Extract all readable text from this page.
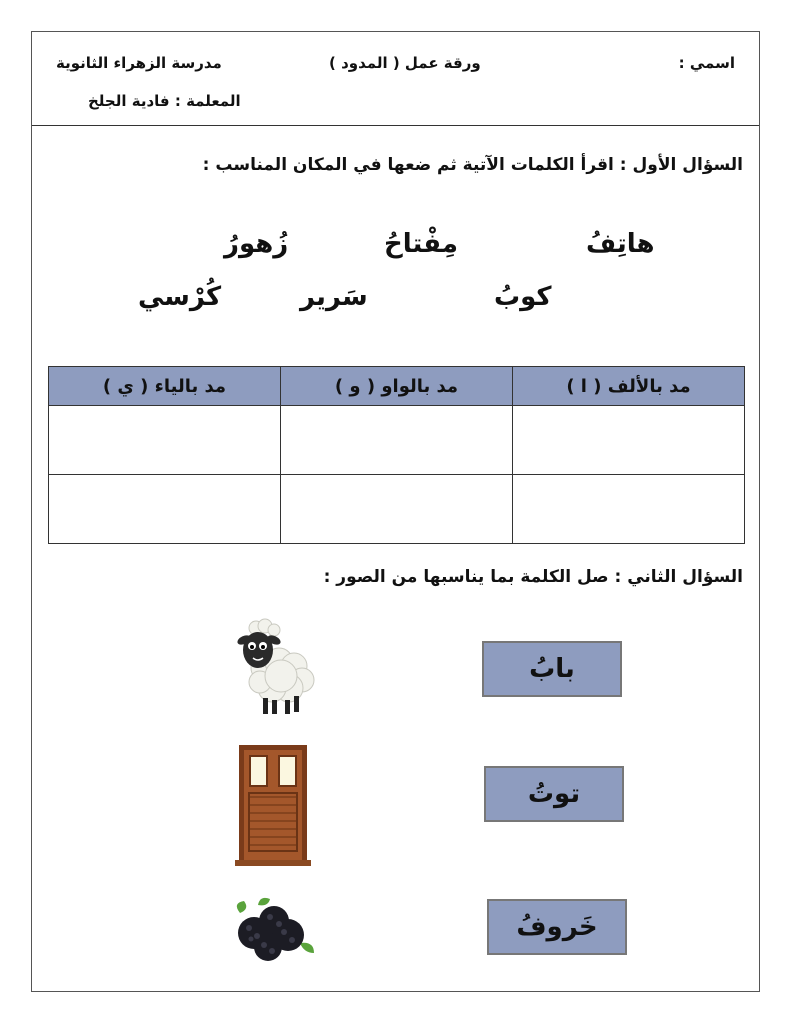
اسمي :
ورقة عمل ( المدود )
مدرسة الزهراء الثانوية
المعلمة : فادية الجلخ
السؤال الأول : اقرأ الكلمات الآتية ثم ضعها في المكان المناسب :
هاتِفُ
مِفْتاحُ
زُهورُ
كوبُ
سَرير
كُرْسي
مد بالألف ( ا )	مد بالواو ( و )	مد بالياء ( ي )

السؤال الثاني : صل الكلمة بما يناسبها من الصور :
بابُ
توتُ
خَروفُ
